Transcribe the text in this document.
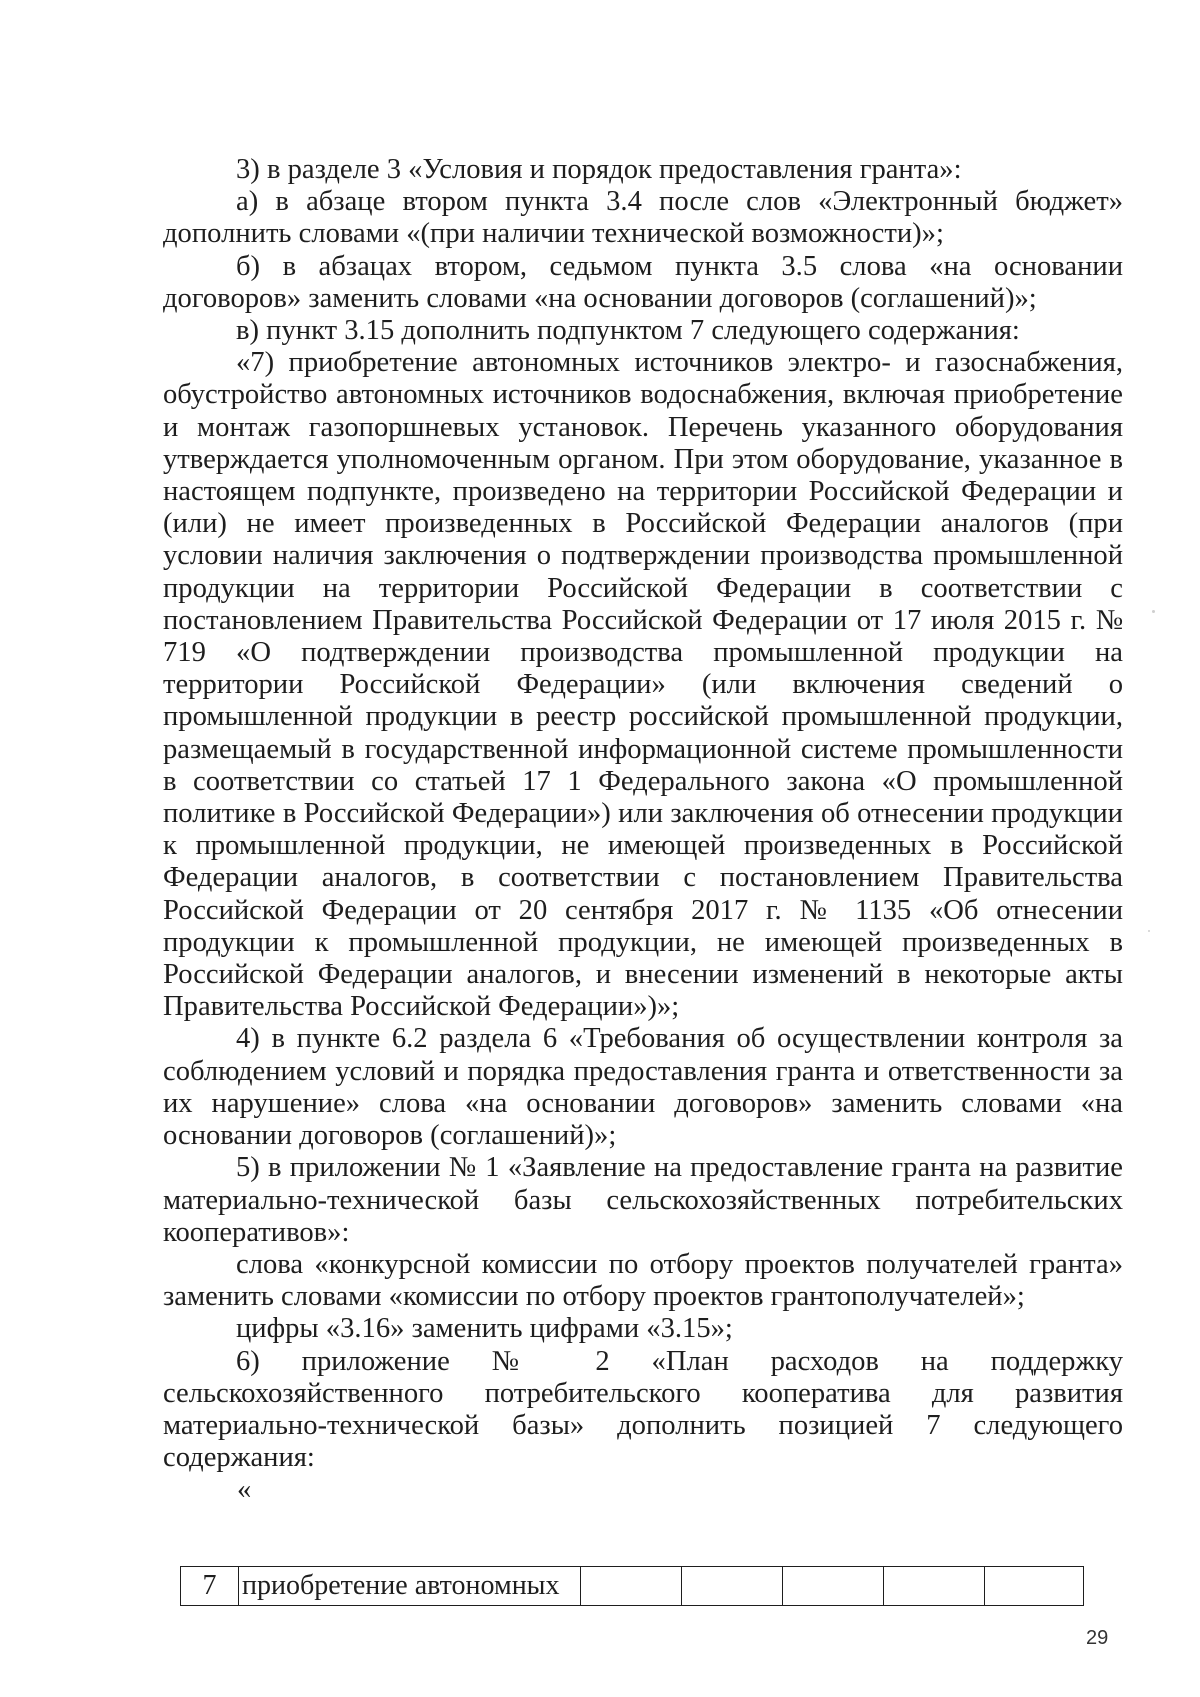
3) в разделе 3 «Условия и порядок предоставления гранта»:

а) в абзаце втором пункта 3.4 после слов «Электронный бюджет» дополнить словами «(при наличии технической возможности)»;

б) в абзацах втором, седьмом пункта 3.5 слова «на основании договоров» заменить словами «на основании договоров (соглашений)»;

в) пункт 3.15 дополнить подпунктом 7 следующего содержания:

«7) приобретение автономных источников электро- и газоснабжения, обустройство автономных источников водоснабжения, включая приобретение и монтаж газопоршневых установок. Перечень указанного оборудования утверждается уполномоченным органом. При этом оборудование, указанное в настоящем подпункте, произведено на территории Российской Федерации и (или) не имеет произведенных в Российской Федерации аналогов (при условии наличия заключения о подтверждении производства промышленной продукции на территории Российской Федерации в соответствии с постановлением Правительства Российской Федерации от 17 июля 2015 г. № 719 «О подтверждении производства промышленной продукции на территории Российской Федерации» (или включения сведений о промышленной продукции в реестр российской промышленной продукции, размещаемый в государственной информационной системе промышленности в соответствии со статьей 17 1 Федерального закона «О промышленной политике в Российской Федерации») или заключения об отнесении продукции к промышленной продукции, не имеющей произведенных в Российской Федерации аналогов, в соответствии с постановлением Правительства Российской Федерации от 20 сентября 2017 г. № 1135 «Об отнесении продукции к промышленной продукции, не имеющей произведенных в Российской Федерации аналогов, и внесении изменений в некоторые акты Правительства Российской Федерации»)»;

4) в пункте 6.2 раздела 6 «Требования об осуществлении контроля за соблюдением условий и порядка предоставления гранта и ответственности за их нарушение» слова «на основании договоров» заменить словами «на основании договоров (соглашений)»;

5) в приложении № 1 «Заявление на предоставление гранта на развитие материально-технической базы сельскохозяйственных потребительских кооперативов»:

слова «конкурсной комиссии по отбору проектов получателей гранта» заменить словами «комиссии по отбору проектов грантополучателей»;

цифры «3.16» заменить цифрами «3.15»;

6) приложение № 2 «План расходов на поддержку сельскохозяйственного потребительского кооператива для развития материально-технической базы» дополнить позицией 7 следующего содержания:

«

7	приобретение автономных					
29
